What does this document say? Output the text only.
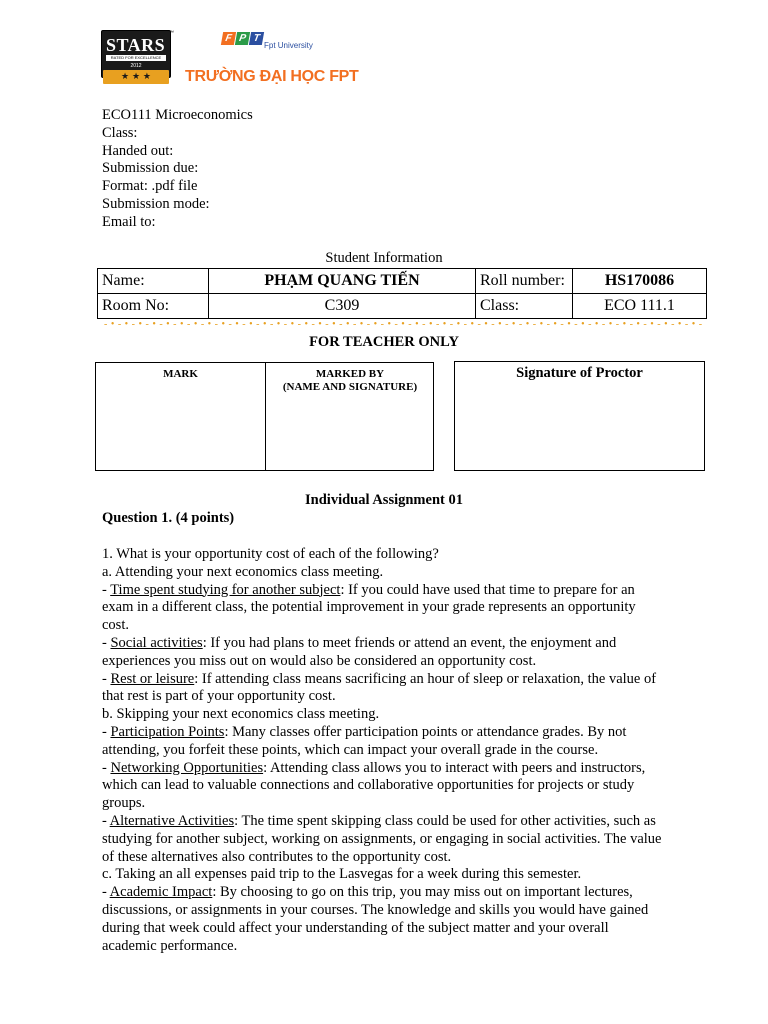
STARS
RATED FOR EXCELLENCE
2012
★ ★ ★
™	F P T
Fpt University
TRƯỜNG ĐẠI HỌC FPT
ECO111 Microeconomics
Class:
Handed out:
Submission due:
Format: .pdf file
Submission mode:
Email to:
Student Information
Name:	PHẠM QUANG TIẾN	Roll number:	HS170086
Room No:	C309	Class:	ECO 111.1
- • - • - • - • - • - • - • - • - • - • - • - • - • - • - • - • - • - • - • - • - • - • - • - • - • - • - • - • - • - • - • - • - • - • - • - • - • - • - • - • - • - • - • -
FOR TEACHER ONLY
MARK	MARKED BY
(NAME AND SIGNATURE)
Signature of Proctor
Individual Assignment 01
Question 1. (4 points)

1. What is your opportunity cost of each of the following?

a. Attending your next economics class meeting.

- Time spent studying for another subject: If you could have used that time to prepare for an exam in a different class, the potential improvement in your grade represents an opportunity cost.

- Social activities: If you had plans to meet friends or attend an event, the enjoyment and experiences you miss out on would also be considered an opportunity cost.

- Rest or leisure: If attending class means sacrificing an hour of sleep or relaxation, the value of that rest is part of your opportunity cost.

b. Skipping your next economics class meeting.

- Participation Points: Many classes offer participation points or attendance grades. By not attending, you forfeit these points, which can impact your overall grade in the course.

- Networking Opportunities: Attending class allows you to interact with peers and instructors, which can lead to valuable connections and collaborative opportunities for projects or study groups.

- Alternative Activities: The time spent skipping class could be used for other activities, such as studying for another subject, working on assignments, or engaging in social activities. The value of these alternatives also contributes to the opportunity cost.

c. Taking an all expenses paid trip to the Lasvegas for a week during this semester.

- Academic Impact: By choosing to go on this trip, you may miss out on important lectures, discussions, or assignments in your courses. The knowledge and skills you would have gained during that week could affect your understanding of the subject matter and your overall academic performance.
